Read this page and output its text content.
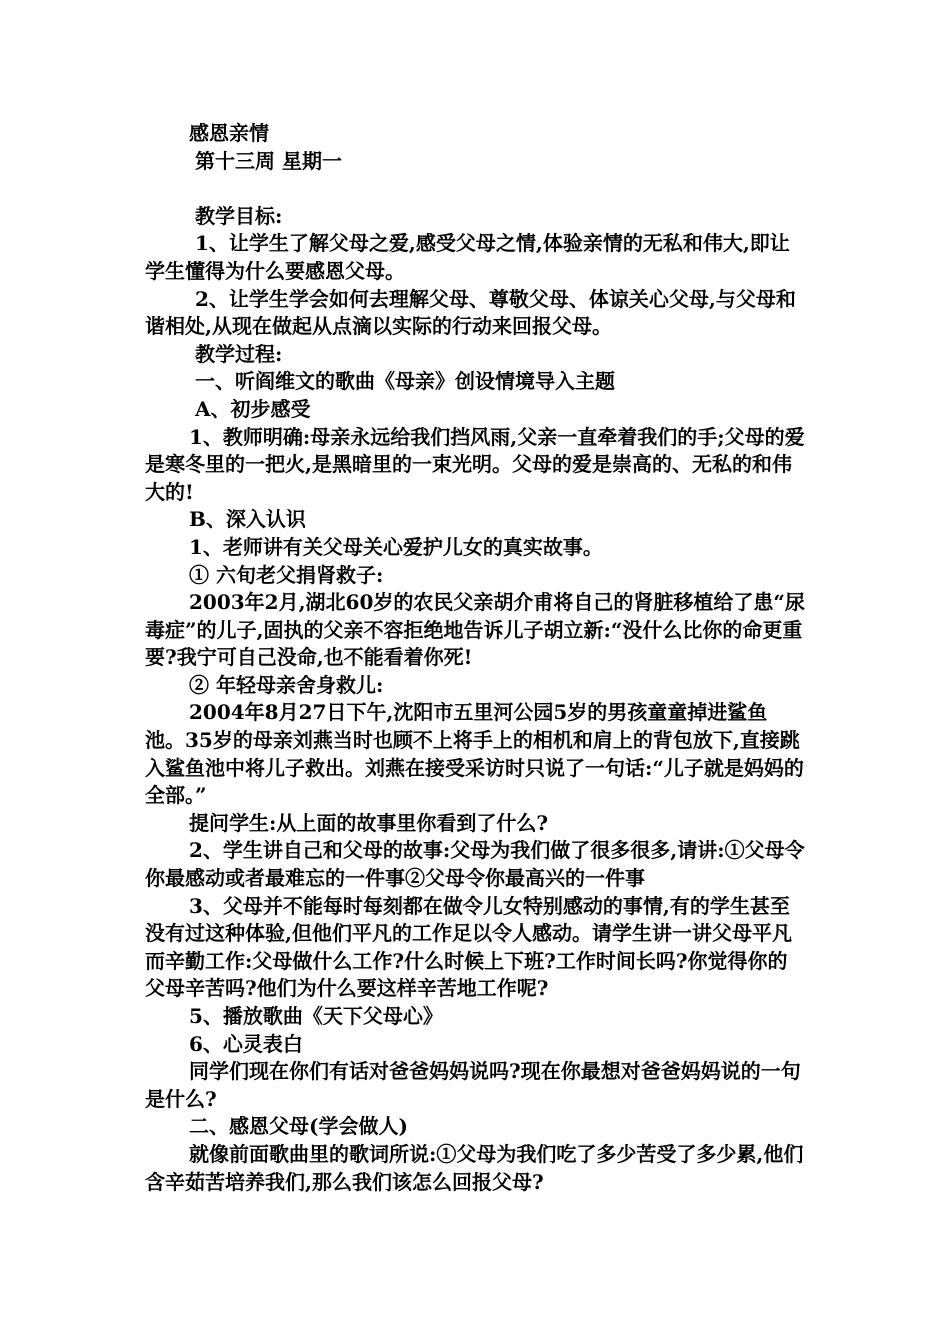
感恩亲情
第十三周 星期一
教学目标:
1、让学生了解父母之爱,感受父母之情,体验亲情的无私和伟大,即让学生懂得为什么要感恩父母。
2、让学生学会如何去理解父母、尊敬父母、体谅关心父母,与父母和谐相处,从现在做起从点滴以实际的行动来回报父母。
教学过程:
一、听阎维文的歌曲《母亲》创设情境导入主题
A、初步感受
1、教师明确:母亲永远给我们挡风雨,父亲一直牵着我们的手;父母的爱是寒冬里的一把火,是黑暗里的一束光明。父母的爱是崇高的、无私的和伟大的!
B、深入认识
1、老师讲有关父母关心爱护儿女的真实故事。
① 六旬老父捐肾救子:
2003年2月,湖北60岁的农民父亲胡介甫将自己的肾脏移植给了患“尿毒症”的儿子,固执的父亲不容拒绝地告诉儿子胡立新:“没什么比你的命更重要?我宁可自己没命,也不能看着你死!
② 年轻母亲舍身救儿:
2004年8月27日下午,沈阳市五里河公园5岁的男孩童童掉进鲨鱼池。35岁的母亲刘燕当时也顾不上将手上的相机和肩上的背包放下,直接跳入鲨鱼池中将儿子救出。刘燕在接受采访时只说了一句话:“儿子就是妈妈的全部。”
提问学生:从上面的故事里你看到了什么?
2、学生讲自己和父母的故事:父母为我们做了很多很多,请讲:①父母令你最感动或者最难忘的一件事②父母令你最高兴的一件事
3、父母并不能每时每刻都在做令儿女特别感动的事情,有的学生甚至没有过这种体验,但他们平凡的工作足以令人感动。请学生讲一讲父母平凡而辛勤工作:父母做什么工作?什么时候上下班?工作时间长吗?你觉得你的父母辛苦吗?他们为什么要这样辛苦地工作呢?
5、播放歌曲《天下父母心》
6、心灵表白
同学们现在你们有话对爸爸妈妈说吗?现在你最想对爸爸妈妈说的一句是什么?
二、感恩父母(学会做人)
就像前面歌曲里的歌词所说:①父母为我们吃了多少苦受了多少累,他们含辛茹苦培养我们,那么我们该怎么回报父母?
